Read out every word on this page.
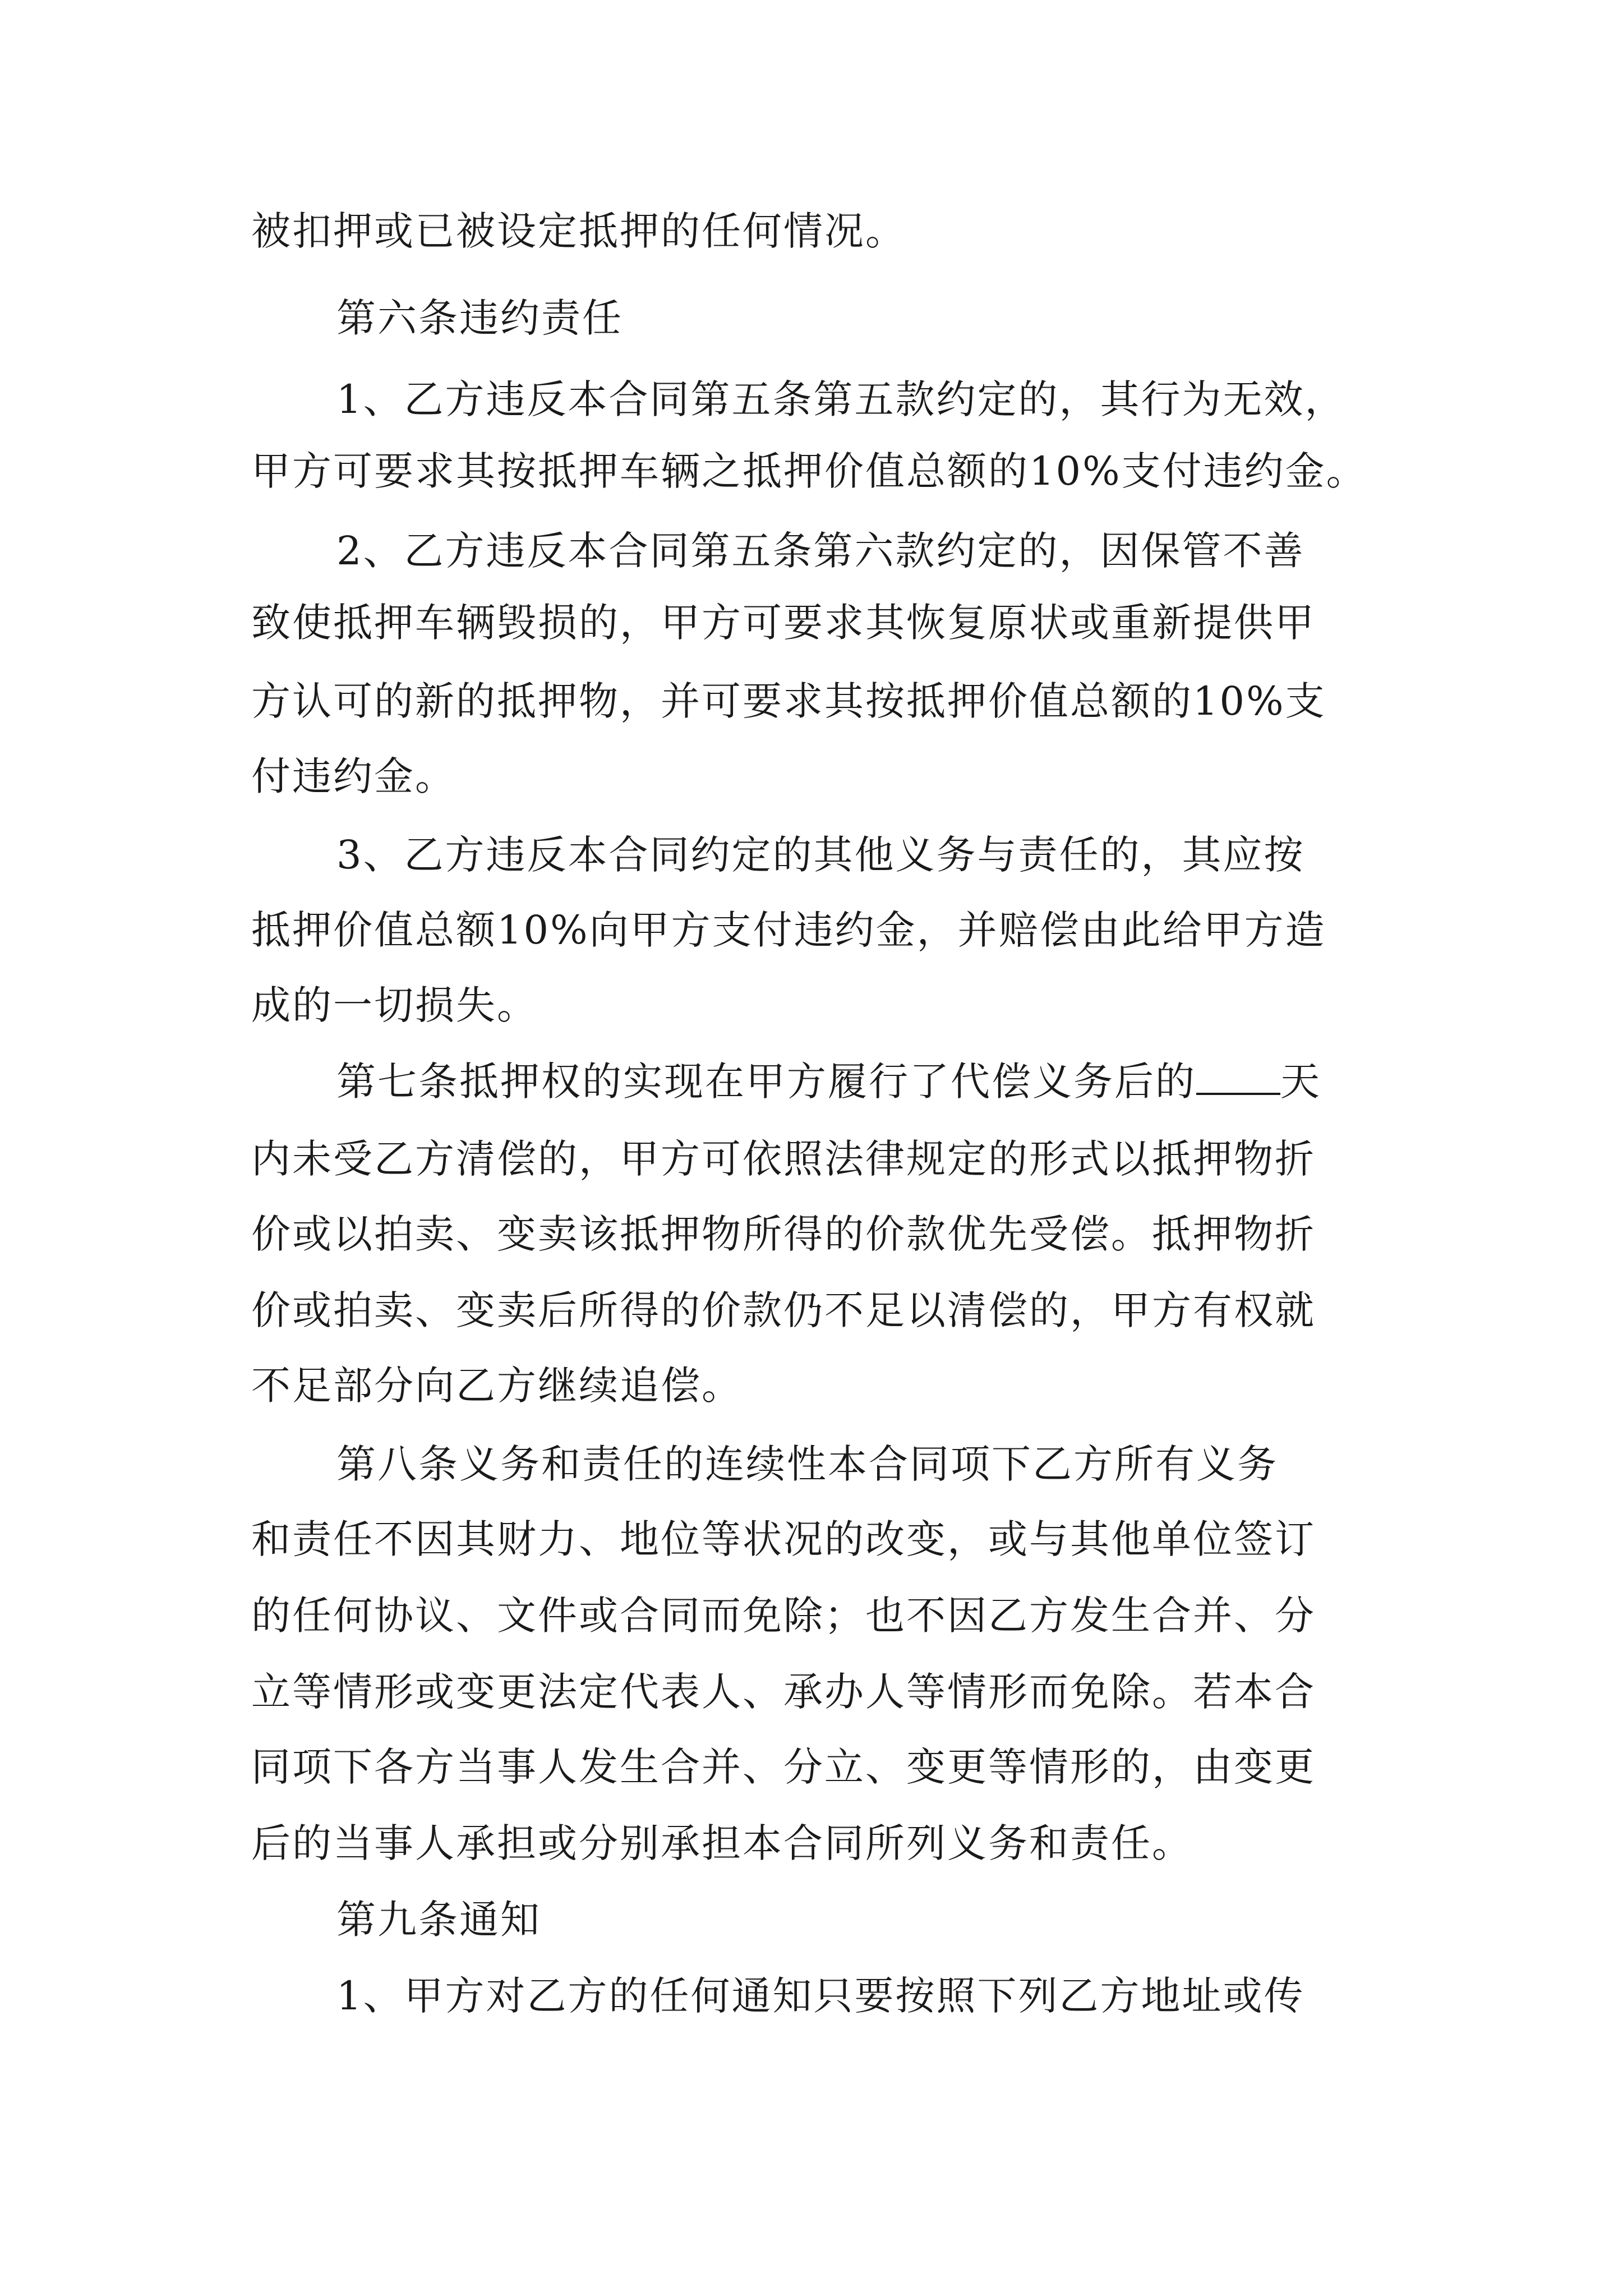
被扣押或已被设定抵押的任何情况。
第六条违约责任
1、乙方违反本合同第五条第五款约定的，其行为无效，
甲方可要求其按抵押车辆之抵押价值总额的10%支付违约金。
2、乙方违反本合同第五条第六款约定的，因保管不善
致使抵押车辆毁损的，甲方可要求其恢复原状或重新提供甲
方认可的新的抵押物，并可要求其按抵押价值总额的10%支
付违约金。
3、乙方违反本合同约定的其他义务与责任的，其应按
抵押价值总额10%向甲方支付违约金，并赔偿由此给甲方造
成的一切损失。
第七条抵押权的实现在甲方履行了代偿义务后的 天
内未受乙方清偿的，甲方可依照法律规定的形式以抵押物折
价或以拍卖、变卖该抵押物所得的价款优先受偿。抵押物折
价或拍卖、变卖后所得的价款仍不足以清偿的，甲方有权就
不足部分向乙方继续追偿。
第八条义务和责任的连续性本合同项下乙方所有义务
和责任不因其财力、地位等状况的改变，或与其他单位签订
的任何协议、文件或合同而免除；也不因乙方发生合并、分
立等情形或变更法定代表人、承办人等情形而免除。若本合
同项下各方当事人发生合并、分立、变更等情形的，由变更
后的当事人承担或分别承担本合同所列义务和责任。
第九条通知
1、甲方对乙方的任何通知只要按照下列乙方地址或传
